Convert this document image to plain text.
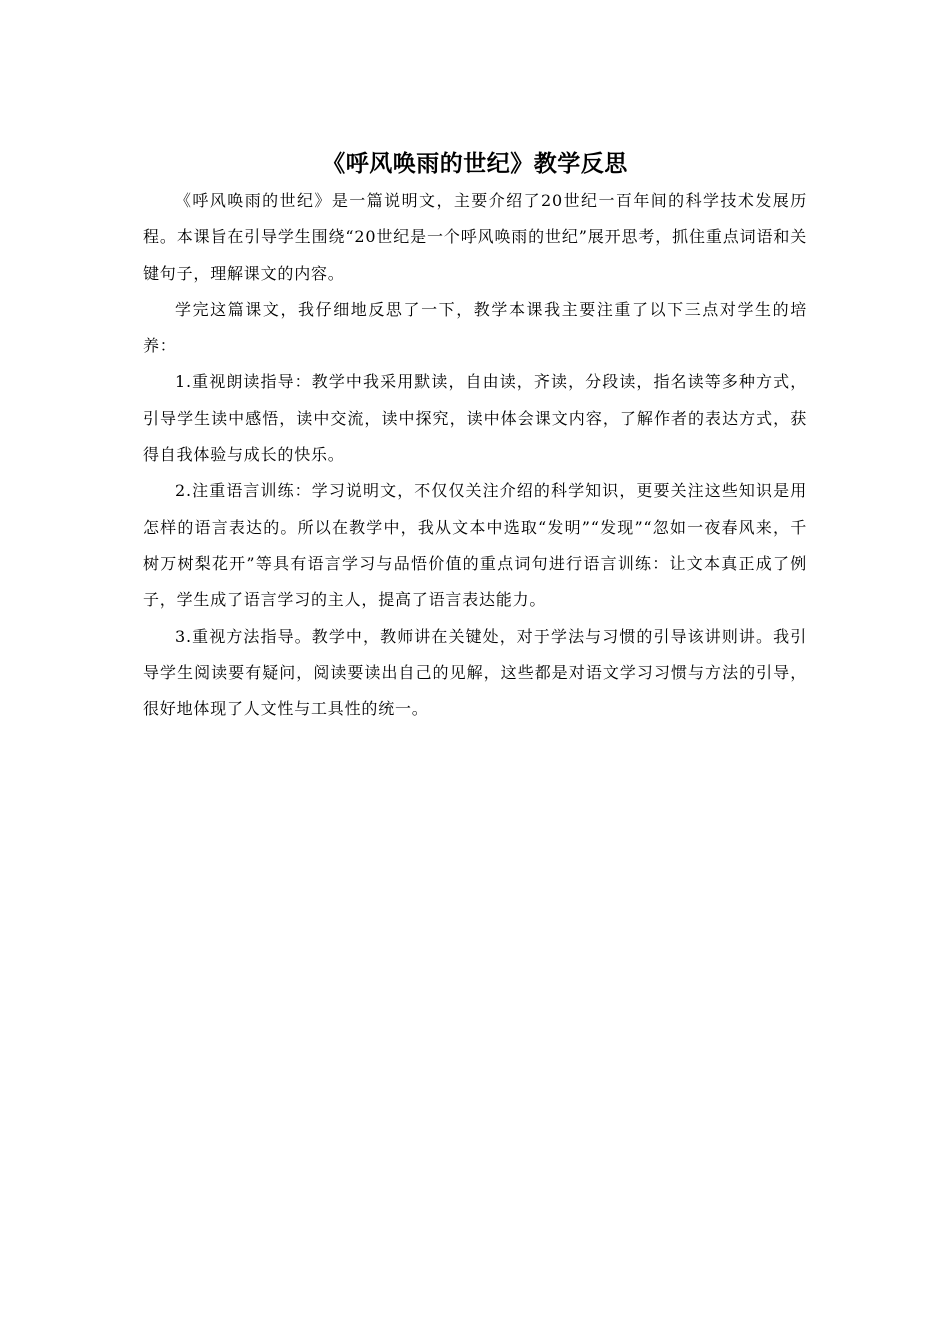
《呼风唤雨的世纪》教学反思

《呼风唤雨的世纪》是一篇说明文，主要介绍了20世纪一百年间的科学技术发展历程。本课旨在引导学生围绕“20世纪是一个呼风唤雨的世纪”展开思考，抓住重点词语和关键句子，理解课文的内容。

学完这篇课文，我仔细地反思了一下，教学本课我主要注重了以下三点对学生的培养：

1.重视朗读指导：教学中我采用默读，自由读，齐读，分段读，指名读等多种方式，引导学生读中感悟，读中交流，读中探究，读中体会课文内容，了解作者的表达方式，获得自我体验与成长的快乐。

2.注重语言训练：学习说明文，不仅仅关注介绍的科学知识，更要关注这些知识是用怎样的语言表达的。所以在教学中，我从文本中选取“发明”“发现”“忽如一夜春风来，千树万树梨花开”等具有语言学习与品悟价值的重点词句进行语言训练：让文本真正成了例子，学生成了语言学习的主人，提高了语言表达能力。

3.重视方法指导。教学中，教师讲在关键处，对于学法与习惯的引导该讲则讲。我引导学生阅读要有疑问，阅读要读出自己的见解，这些都是对语文学习习惯与方法的引导，很好地体现了人文性与工具性的统一。
